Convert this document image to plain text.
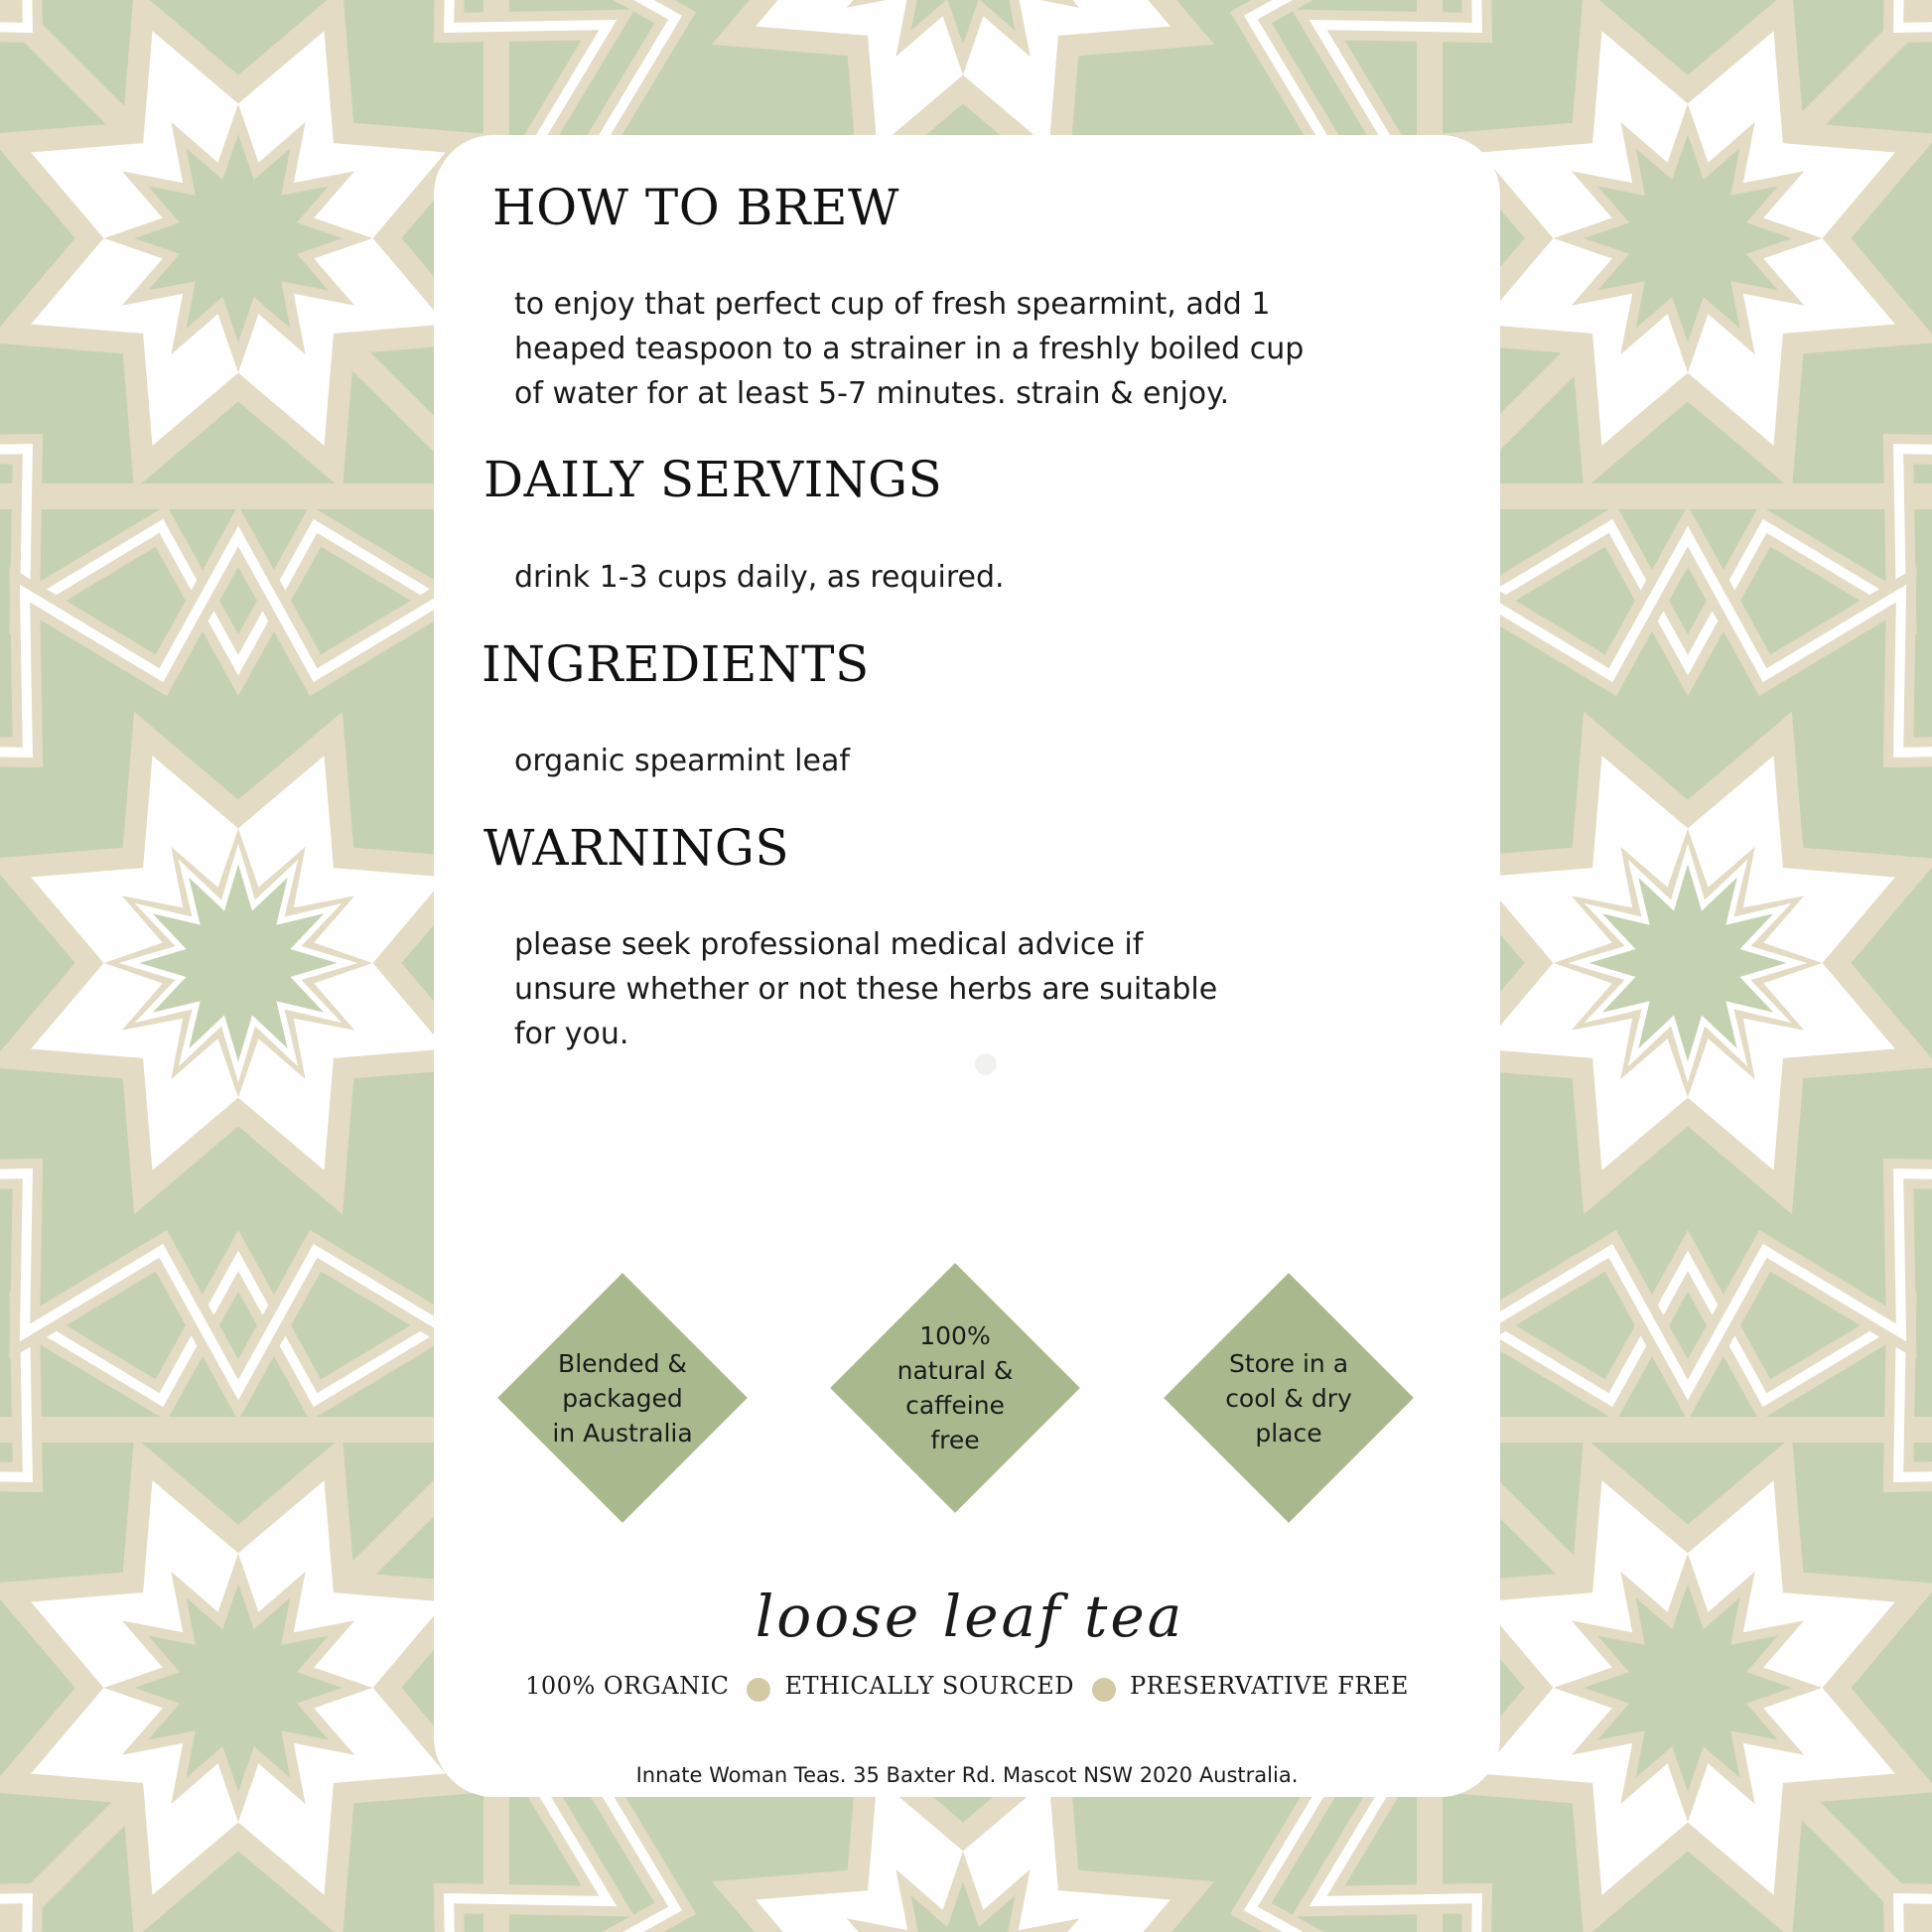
HOW TO BREW
to enjoy that perfect cup of fresh spearmint, add 1
heaped teaspoon to a strainer in a freshly boiled cup
of water for at least 5-7 minutes. strain & enjoy.
DAILY SERVINGS
drink 1-3 cups daily, as required.
INGREDIENTS
organic spearmint leaf
WARNINGS
please seek professional medical advice if
unsure whether or not these herbs are suitable
for you.
Blended & packaged in Australia
100% natural & caffeine free
Store in a cool & dry place
loose leaf tea
100% ORGANIC ETHICALLY SOURCED PRESERVATIVE FREE
Innate Woman Teas. 35 Baxter Rd. Mascot NSW 2020 Australia.
